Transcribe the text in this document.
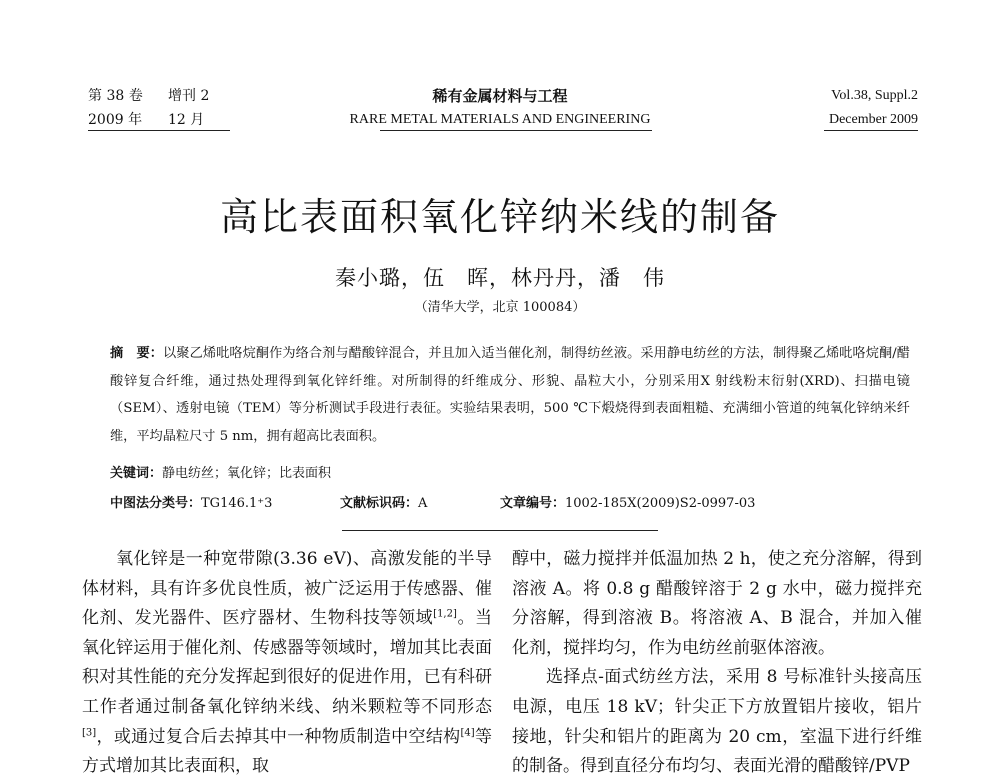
第 38 卷 增刊 2
2009 年 12 月
稀有金属材料与工程
RARE METAL MATERIALS AND ENGINEERING
Vol.38, Suppl.2
December 2009
高比表面积氧化锌纳米线的制备
秦小璐，伍　晖，林丹丹，潘　伟
（清华大学，北京 100084）
摘　要：以聚乙烯吡咯烷酮作为络合剂与醋酸锌混合，并且加入适当催化剂，制得纺丝液。采用静电纺丝的方法，制得聚乙烯吡咯烷酮/醋酸锌复合纤维，通过热处理得到氧化锌纤维。对所制得的纤维成分、形貌、晶粒大小，分别采用X 射线粉末衍射(XRD)、扫描电镜（SEM）、透射电镜（TEM）等分析测试手段进行表征。实验结果表明，500 ℃下煅烧得到表面粗糙、充满细小管道的纯氧化锌纳米纤维，平均晶粒尺寸 5 nm，拥有超高比表面积。
关键词：静电纺丝；氧化锌；比表面积
中图法分类号：TG146.1⁺3	文献标识码：A	文章编号：1002-185X(2009)S2-0997-03

氧化锌是一种宽带隙(3.36 eV)、高激发能的半导体材料，具有许多优良性质，被广泛运用于传感器、催化剂、发光器件、医疗器材、生物科技等领域[1,2]。当氧化锌运用于催化剂、传感器等领域时，增加其比表面积对其性能的充分发挥起到很好的促进作用，已有科研工作者通过制备氧化锌纳米线、纳米颗粒等不同形态[3]，或通过复合后去掉其中一种物质制造中空结构[4]等方式增加其比表面积，取

醇中，磁力搅拌并低温加热 2 h，使之充分溶解，得到溶液 A。将 0.8 g 醋酸锌溶于 2 g 水中，磁力搅拌充分溶解，得到溶液 B。将溶液 A、B 混合，并加入催化剂，搅拌均匀，作为电纺丝前驱体溶液。

选择点-面式纺丝方法，采用 8 号标准针头接高压电源，电压 18 kV；针尖正下方放置铝片接收，铝片接地，针尖和铝片的距离为 20 cm，室温下进行纤维的制备。得到直径分布均匀、表面光滑的醋酸锌/PVP
